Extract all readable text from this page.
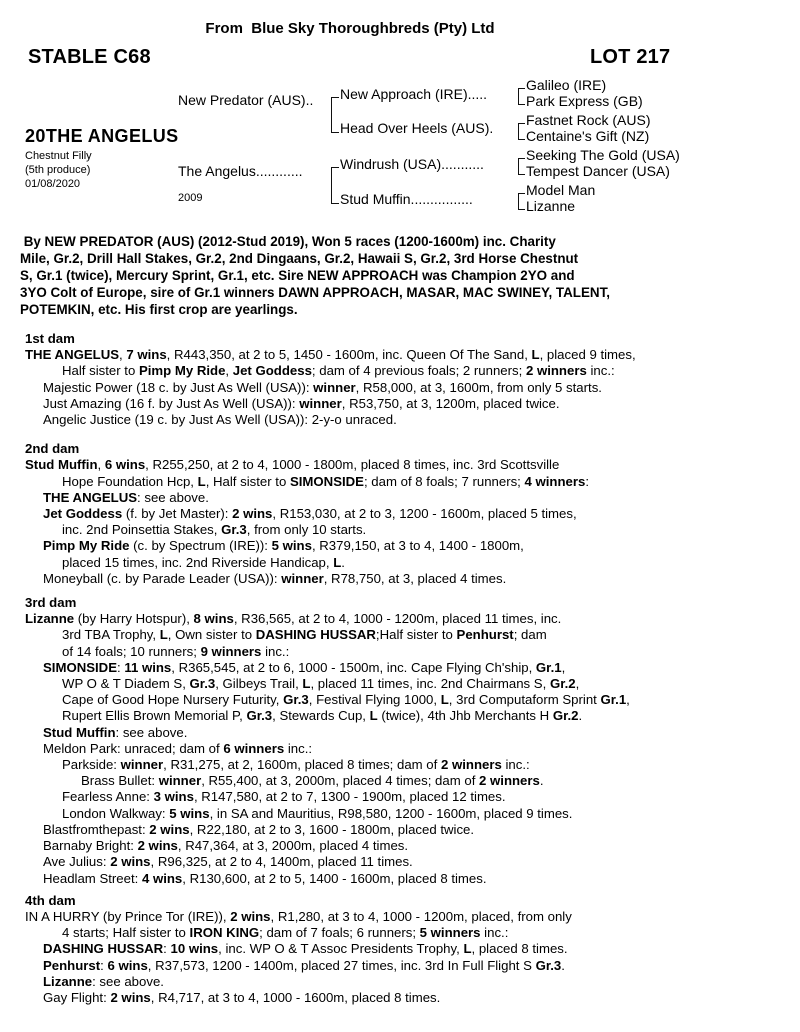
From  Blue Sky Thoroughbreds (Pty) Ltd
STABLE C68	LOT 217
20THE ANGELUS
Chestnut Filly
(5th produce)
01/08/2020
New Predator (AUS)..
The Angelus............
2009
New Approach (IRE).....
Head Over Heels (AUS).
Windrush (USA)...........
Stud Muffin................
Galileo (IRE)
Park Express (GB)
Fastnet Rock (AUS)
Centaine's Gift (NZ)
Seeking The Gold (USA)
Tempest Dancer (USA)
Model Man
Lizanne
By NEW PREDATOR (AUS) (2012-Stud 2019), Won 5 races (1200-1600m) inc. Charity
Mile, Gr.2, Drill Hall Stakes, Gr.2, 2nd Dingaans, Gr.2, Hawaii S, Gr.2, 3rd Horse Chestnut
S, Gr.1 (twice), Mercury Sprint, Gr.1, etc. Sire NEW APPROACH was Champion 2YO and
3YO Colt of Europe, sire of Gr.1 winners DAWN APPROACH, MASAR, MAC SWINEY, TALENT,
POTEMKIN, etc. His first crop are yearlings.
1st dam
THE ANGELUS, 7 wins, R443,350, at 2 to 5, 1450 - 1600m, inc. Queen Of The Sand, L, placed 9 times,
Half sister to Pimp My Ride, Jet Goddess; dam of 4 previous foals; 2 runners; 2 winners inc.:
Majestic Power (18 c. by Just As Well (USA)): winner, R58,000, at 3, 1600m, from only 5 starts.
Just Amazing (16 f. by Just As Well (USA)): winner, R53,750, at 3, 1200m, placed twice.
Angelic Justice (19 c. by Just As Well (USA)): 2-y-o unraced.
2nd dam
Stud Muffin, 6 wins, R255,250, at 2 to 4, 1000 - 1800m, placed 8 times, inc. 3rd Scottsville
Hope Foundation Hcp, L, Half sister to SIMONSIDE; dam of 8 foals; 7 runners; 4 winners:
THE ANGELUS: see above.
Jet Goddess (f. by Jet Master): 2 wins, R153,030, at 2 to 3, 1200 - 1600m, placed 5 times,
inc. 2nd Poinsettia Stakes, Gr.3, from only 10 starts.
Pimp My Ride (c. by Spectrum (IRE)): 5 wins, R379,150, at 3 to 4, 1400 - 1800m,
placed 15 times, inc. 2nd Riverside Handicap, L.
Moneyball (c. by Parade Leader (USA)): winner, R78,750, at 3, placed 4 times.
3rd dam
Lizanne (by Harry Hotspur), 8 wins, R36,565, at 2 to 4, 1000 - 1200m, placed 11 times, inc.
3rd TBA Trophy, L, Own sister to DASHING HUSSAR;Half sister to Penhurst; dam
of 14 foals; 10 runners; 9 winners inc.:
SIMONSIDE: 11 wins, R365,545, at 2 to 6, 1000 - 1500m, inc. Cape Flying Ch'ship, Gr.1,
WP O & T Diadem S, Gr.3, Gilbeys Trail, L, placed 11 times, inc. 2nd Chairmans S, Gr.2,
Cape of Good Hope Nursery Futurity, Gr.3, Festival Flying 1000, L, 3rd Computaform Sprint Gr.1,
Rupert Ellis Brown Memorial P, Gr.3, Stewards Cup, L (twice), 4th Jhb Merchants H Gr.2.
Stud Muffin: see above.
Meldon Park: unraced; dam of 6 winners inc.:
Parkside: winner, R31,275, at 2, 1600m, placed 8 times; dam of 2 winners inc.:
Brass Bullet: winner, R55,400, at 3, 2000m, placed 4 times; dam of 2 winners.
Fearless Anne: 3 wins, R147,580, at 2 to 7, 1300 - 1900m, placed 12 times.
London Walkway: 5 wins, in SA and Mauritius, R98,580, 1200 - 1600m, placed 9 times.
Blastfromthepast: 2 wins, R22,180, at 2 to 3, 1600 - 1800m, placed twice.
Barnaby Bright: 2 wins, R47,364, at 3, 2000m, placed 4 times.
Ave Julius: 2 wins, R96,325, at 2 to 4, 1400m, placed 11 times.
Headlam Street: 4 wins, R130,600, at 2 to 5, 1400 - 1600m, placed 8 times.
4th dam
IN A HURRY (by Prince Tor (IRE)), 2 wins, R1,280, at 3 to 4, 1000 - 1200m, placed, from only
4 starts; Half sister to IRON KING; dam of 7 foals; 6 runners; 5 winners inc.:
DASHING HUSSAR: 10 wins, inc. WP O & T Assoc Presidents Trophy, L, placed 8 times.
Penhurst: 6 wins, R37,573, 1200 - 1400m, placed 27 times, inc. 3rd In Full Flight S Gr.3.
Lizanne: see above.
Gay Flight: 2 wins, R4,717, at 3 to 4, 1000 - 1600m, placed 8 times.
